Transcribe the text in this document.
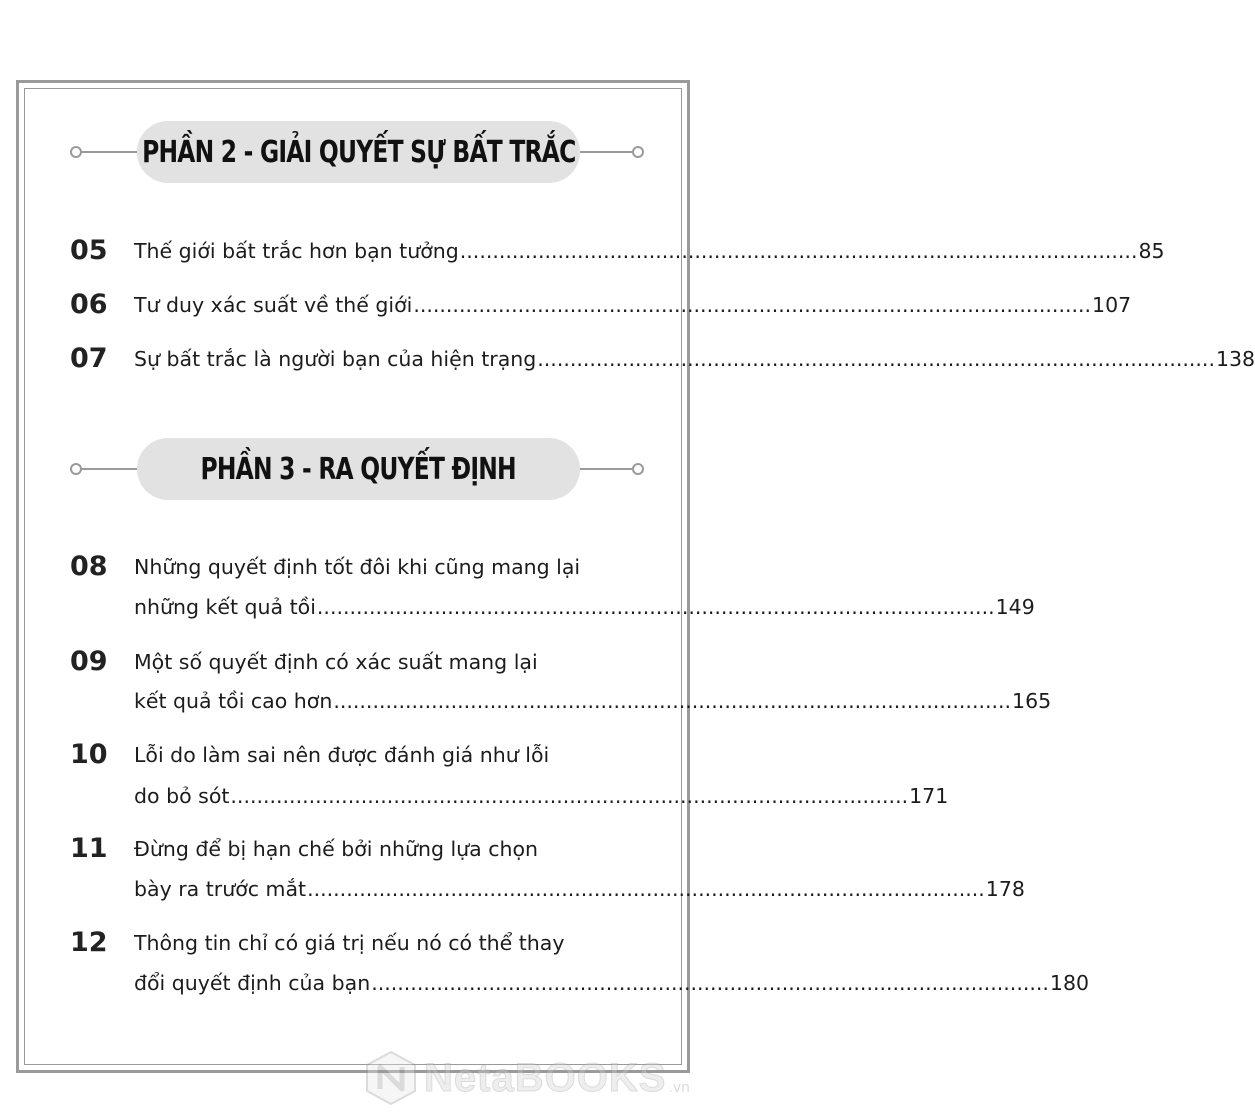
PHẦN 2 - GIẢI QUYẾT SỰ BẤT TRẮC
05 Thế giới bất trắc hơn bạn tưởng ........................................................................................................ 85
06 Tư duy xác suất về thế giới ........................................................................................................ 107
07 Sự bất trắc là người bạn của hiện trạng ........................................................................................................ 138
PHẦN 3 - RA QUYẾT ĐỊNH
08 Những quyết định tốt đôi khi cũng mang lại
những kết quả tồi ........................................................................................................ 149
09 Một số quyết định có xác suất mang lại
kết quả tồi cao hơn ........................................................................................................ 165
10 Lỗi do làm sai nên được đánh giá như lỗi
do bỏ sót ........................................................................................................ 171
11 Đừng để bị hạn chế bởi những lựa chọn
bày ra trước mắt ........................................................................................................ 178
12 Thông tin chỉ có giá trị nếu nó có thể thay
đổi quyết định của bạn ........................................................................................................ 180
NetaBOOKS .vn
